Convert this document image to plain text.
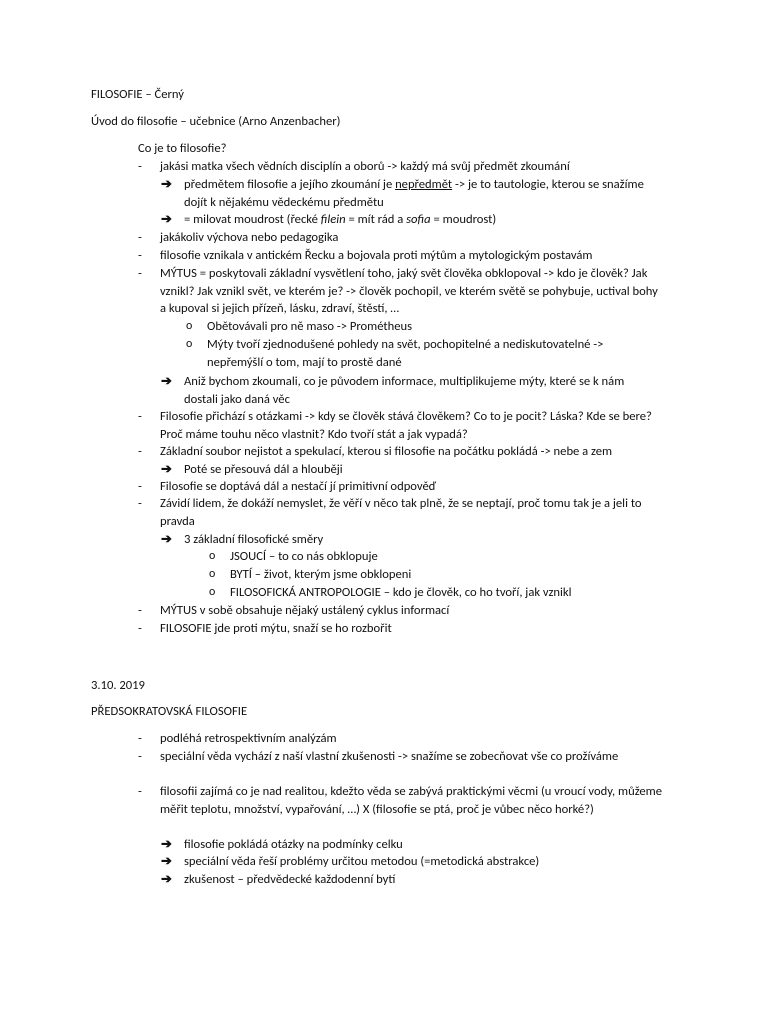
FILOSOFIE – Černý
Úvod do filosofie – učebnice (Arno Anzenbacher)
Co je to filosofie?
-	jakási matka všech vědních disciplín a oborů -> každý má svůj předmět zkoumání
➔ předmětem filosofie a jejího zkoumání je nepředmět -> je to tautologie, kterou se snažíme dojít k nějakému vědeckému předmětu
➔ = milovat moudrost (řecké filein = mít rád a sofia = moudrost)
-	jakákoliv výchova nebo pedagogika
-	filosofie vznikala v antickém Řecku a bojovala proti mýtům a mytologickým postavám
-	MÝTUS = poskytovali základní vysvětlení toho, jaký svět člověka obklopoval -> kdo je člověk? Jak vznikl? Jak vznikl svět, ve kterém je? -> člověk pochopil, ve kterém světě se pohybuje, uctival bohy a kupoval si jejich přízeň, lásku, zdraví, štěstí, …
o Obětovávali pro ně maso -> Prométheus
o Mýty tvoří zjednodušené pohledy na svět, pochopitelné a nediskutovatelné -> nepřemýšlí o tom, mají to prostě dané
➔ Aniž bychom zkoumali, co je původem informace, multiplikujeme mýty, které se k nám dostali jako daná věc
-	Filosofie přichází s otázkami -> kdy se člověk stává člověkem? Co to je pocit? Láska? Kde se bere? Proč máme touhu něco vlastnit? Kdo tvoří stát a jak vypadá?
-	Základní soubor nejistot a spekulací, kterou si filosofie na počátku pokládá -> nebe a zem
➔ Poté se přesouvá dál a hlouběji
-	Filosofie se doptává dál a nestačí jí primitivní odpověď
-	Závidí lidem, že dokáží nemyslet, že věří v něco tak plně, že se neptají, proč tomu tak je a jeli to pravda
➔ 3 základní filosofické směry
o JSOUCÍ – to co nás obklopuje
o BYTÍ – život, kterým jsme obklopeni
o FILOSOFICKÁ ANTROPOLOGIE – kdo je člověk, co ho tvoří, jak vznikl
-	MÝTUS v sobě obsahuje nějaký ustálený cyklus informací
-	FILOSOFIE jde proti mýtu, snaží se ho rozbořit
3.10. 2019
PŘEDSOKRATOVSKÁ FILOSOFIE
-	podléhá retrospektivním analýzám
-	speciální věda vychází z naší vlastní zkušenosti -> snažíme se zobecňovat vše co prožíváme
-	filosofii zajímá co je nad realitou, kdežto věda se zabývá praktickými věcmi (u vroucí vody, můžeme měřit teplotu, množství, vypařování, …) X (filosofie se ptá, proč je vůbec něco horké?)
➔ filosofie pokládá otázky na podmínky celku
➔ speciální věda řeší problémy určitou metodou (=metodická abstrakce)
➔ zkušenost – předvědecké každodenní bytí
